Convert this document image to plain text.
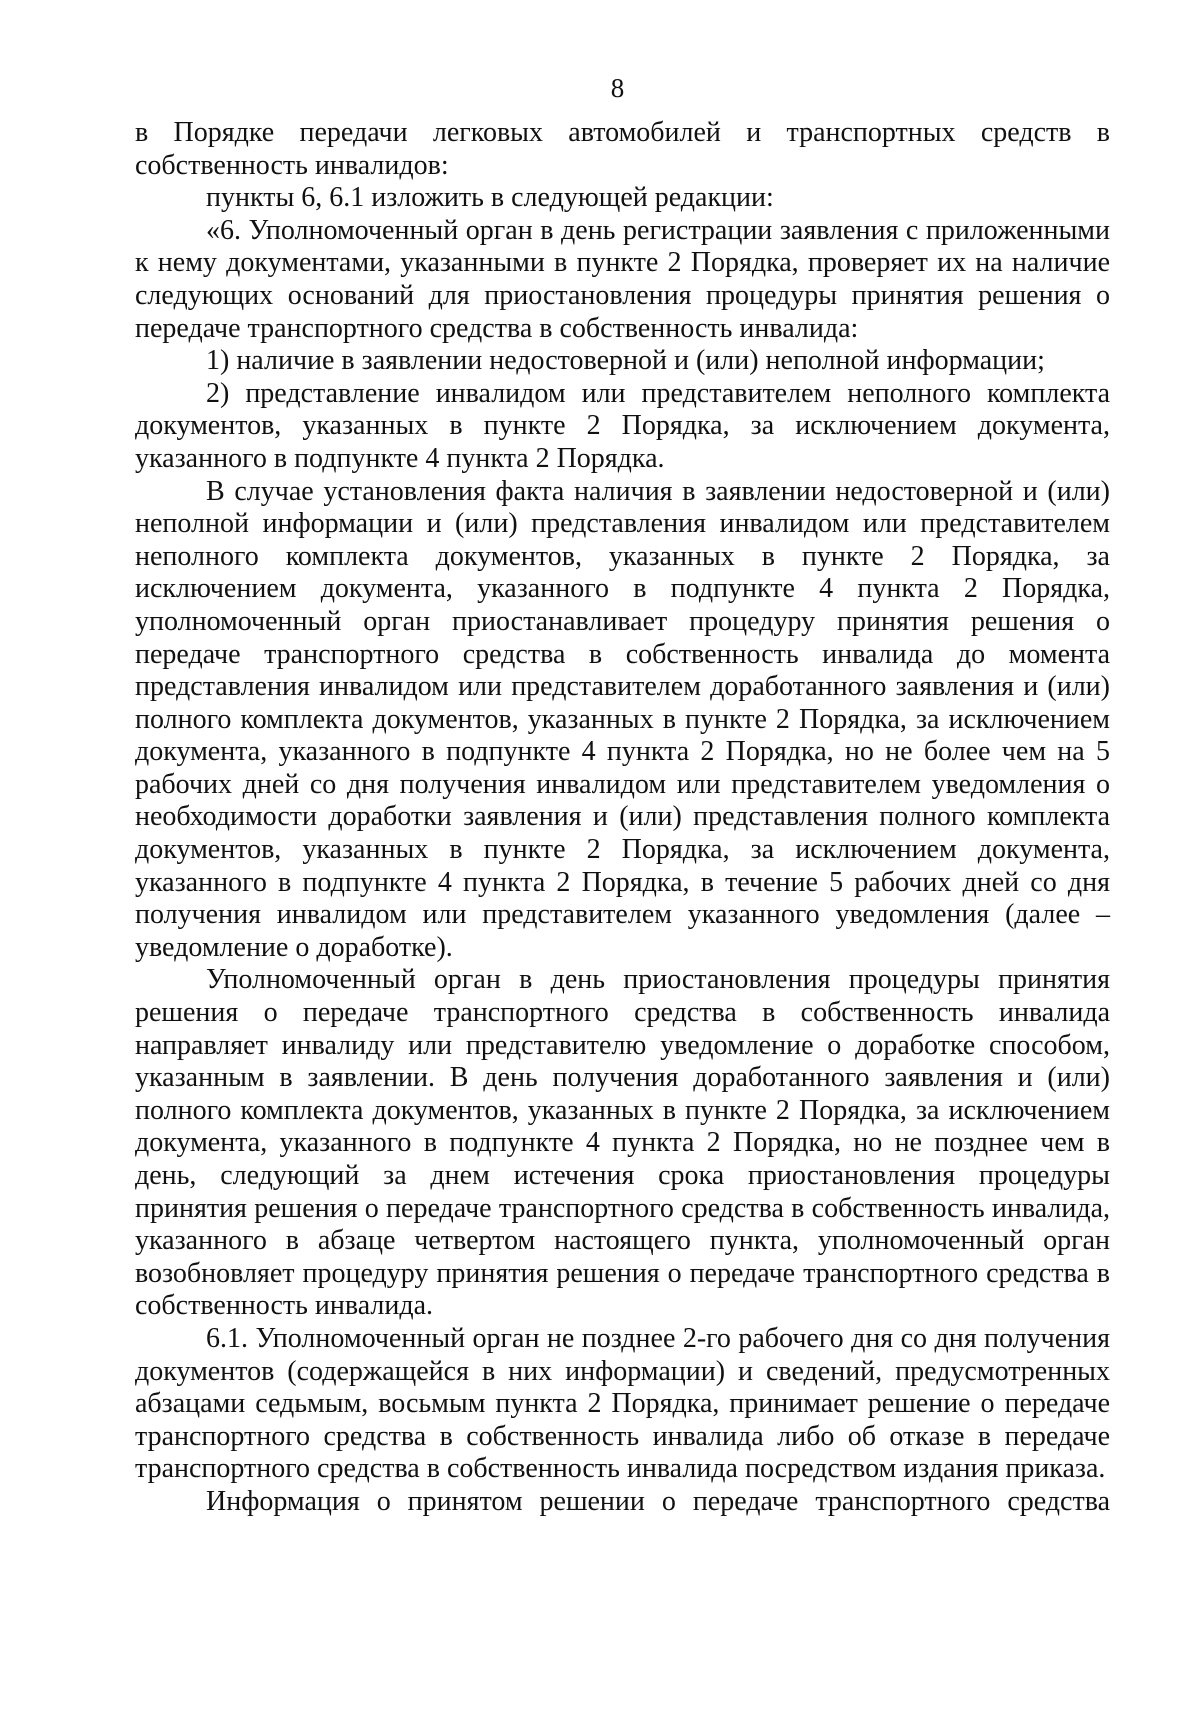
8

в Порядке передачи легковых автомобилей и транспортных средств в собственность инвалидов:

пункты 6, 6.1 изложить в следующей редакции:

«6. Уполномоченный орган в день регистрации заявления с приложенными к нему документами, указанными в пункте 2 Порядка, проверяет их на наличие следующих оснований для приостановления процедуры принятия решения о передаче транспортного средства в собственность инвалида:

1) наличие в заявлении недостоверной и (или) неполной информации;

2) представление инвалидом или представителем неполного комплекта документов, указанных в пункте 2 Порядка, за исключением документа, указанного в подпункте 4 пункта 2 Порядка.

В случае установления факта наличия в заявлении недостоверной и (или) неполной информации и (или) представления инвалидом или представителем неполного комплекта документов, указанных в пункте 2 Порядка, за исключением документа, указанного в подпункте 4 пункта 2 Порядка, уполномоченный орган приостанавливает процедуру принятия решения о передаче транспортного средства в собственность инвалида до момента представления инвалидом или представителем доработанного заявления и (или) полного комплекта документов, указанных в пункте 2 Порядка, за исключением документа, указанного в подпункте 4 пункта 2 Порядка, но не более чем на 5 рабочих дней со дня получения инвалидом или представителем уведомления о необходимости доработки заявления и (или) представления полного комплекта документов, указанных в пункте 2 Порядка, за исключением документа, указанного в подпункте 4 пункта 2 Порядка, в течение 5 рабочих дней со дня получения инвалидом или представителем указанного уведомления (далее – уведомление о доработке).

Уполномоченный орган в день приостановления процедуры принятия решения о передаче транспортного средства в собственность инвалида направляет инвалиду или представителю уведомление о доработке способом, указанным в заявлении. В день получения доработанного заявления и (или) полного комплекта документов, указанных в пункте 2 Порядка, за исключением документа, указанного в подпункте 4 пункта 2 Порядка, но не позднее чем в день, следующий за днем истечения срока приостановления процедуры принятия решения о передаче транспортного средства в собственность инвалида, указанного в абзаце четвертом настоящего пункта, уполномоченный орган возобновляет процедуру принятия решения о передаче транспортного средства в собственность инвалида.

6.1. Уполномоченный орган не позднее 2-го рабочего дня со дня получения документов (содержащейся в них информации) и сведений, предусмотренных абзацами седьмым, восьмым пункта 2 Порядка, принимает решение о передаче транспортного средства в собственность инвалида либо об отказе в передаче транспортного средства в собственность инвалида посредством издания приказа.

Информация о принятом решении о передаче транспортного средства
